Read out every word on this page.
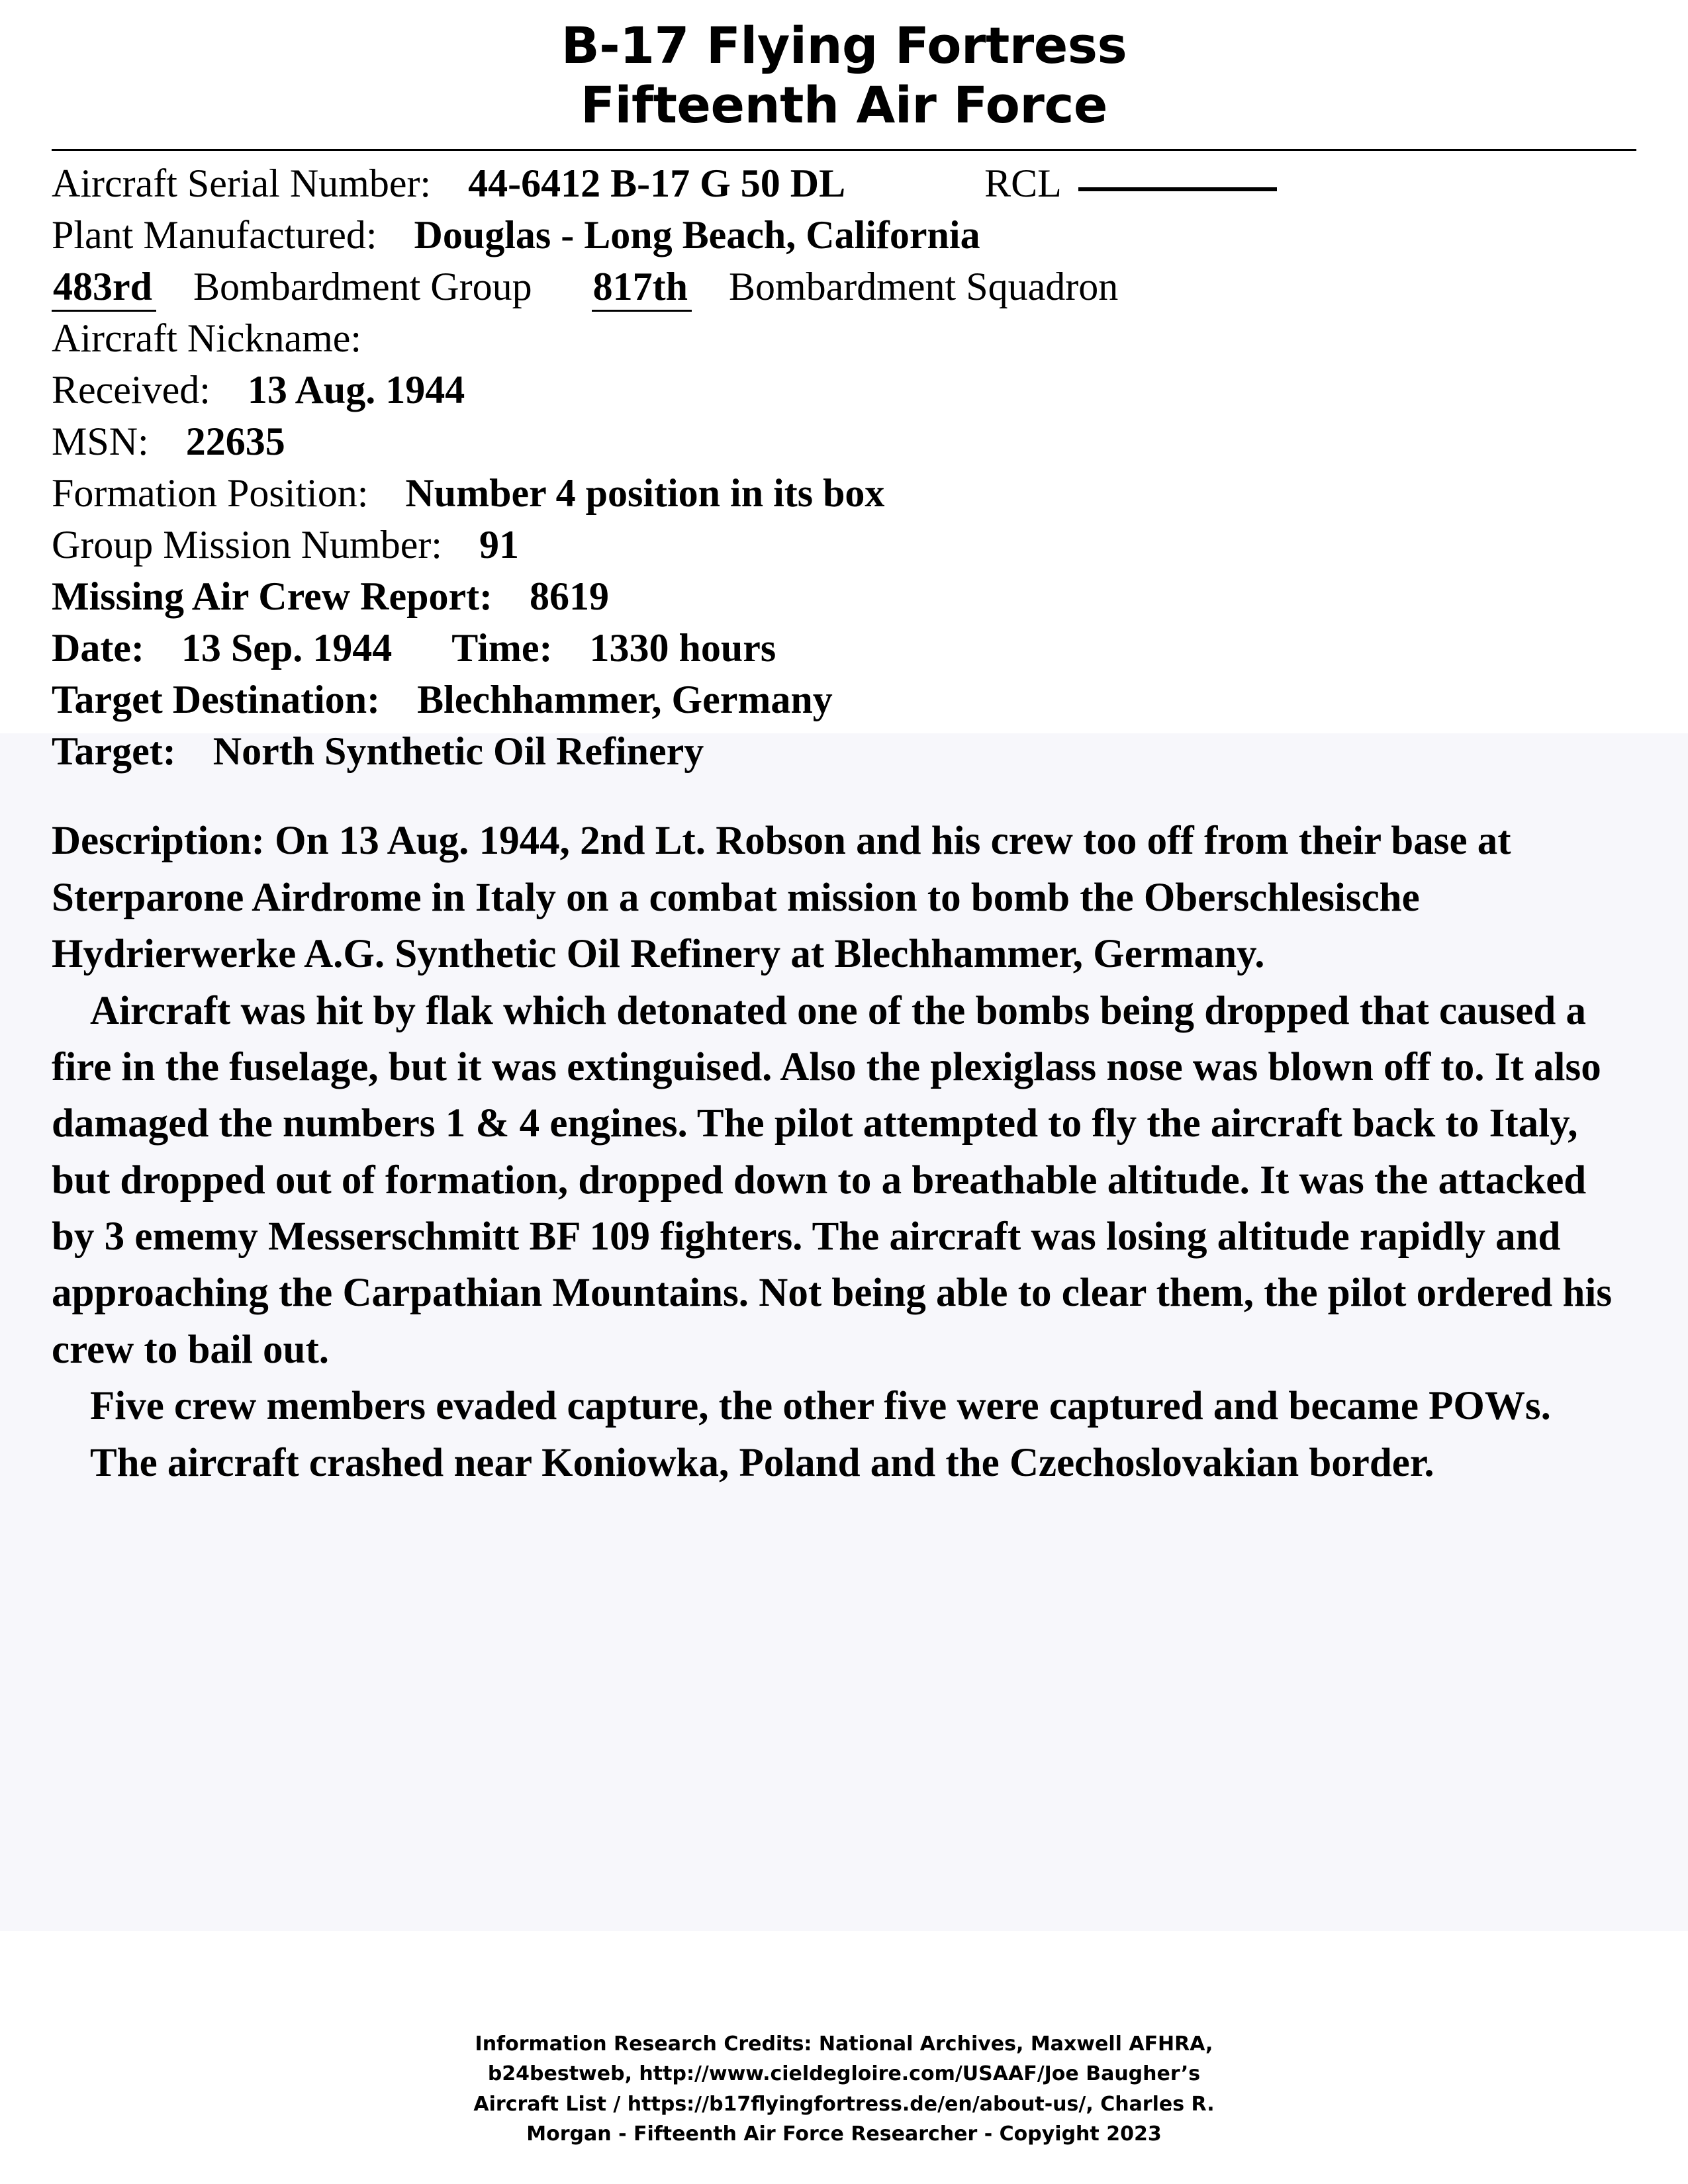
B-17 Flying Fortress
Fifteenth Air Force
Aircraft Serial Number: 44-6412 B-17 G 50 DL	RCL
Plant Manufactured: Douglas - Long Beach, California
483rd Bombardment Group 817th Bombardment Squadron
Aircraft Nickname:
Received: 13 Aug. 1944
MSN: 22635
Formation Position: Number 4 position in its box
Group Mission Number: 91
Missing Air Crew Report: 8619
Date: 13 Sep. 1944 Time: 1330 hours
Target Destination: Blechhammer, Germany
Target: North Synthetic Oil Refinery

Description: On 13 Aug. 1944, 2nd Lt. Robson and his crew too off from their base at Sterparone Airdrome in Italy on a combat mission to bomb the Oberschlesische Hydrierwerke A.G. Synthetic Oil Refinery at Blechhammer, Germany.

Aircraft was hit by flak which detonated one of the bombs being dropped that caused a fire in the fuselage, but it was extinguised. Also the plexiglass nose was blown off to. It also damaged the numbers 1 & 4 engines. The pilot attempted to fly the aircraft back to Italy, but dropped out of formation, dropped down to a breathable altitude. It was the attacked by 3 ememy Messerschmitt BF 109 fighters. The aircraft was losing altitude rapidly and approaching the Carpathian Mountains. Not being able to clear them, the pilot ordered his crew to bail out.

Five crew members evaded capture, the other five were captured and became POWs.

The aircraft crashed near Koniowka, Poland and the Czechoslovakian border.

Information Research Credits: National Archives, Maxwell AFHRA,
b24bestweb, http://www.cieldegloire.com/USAAF/Joe Baugher’s
Aircraft List / https://b17flyingfortress.de/en/about-us/, Charles R.
Morgan - Fifteenth Air Force Researcher - Copyight 2023
